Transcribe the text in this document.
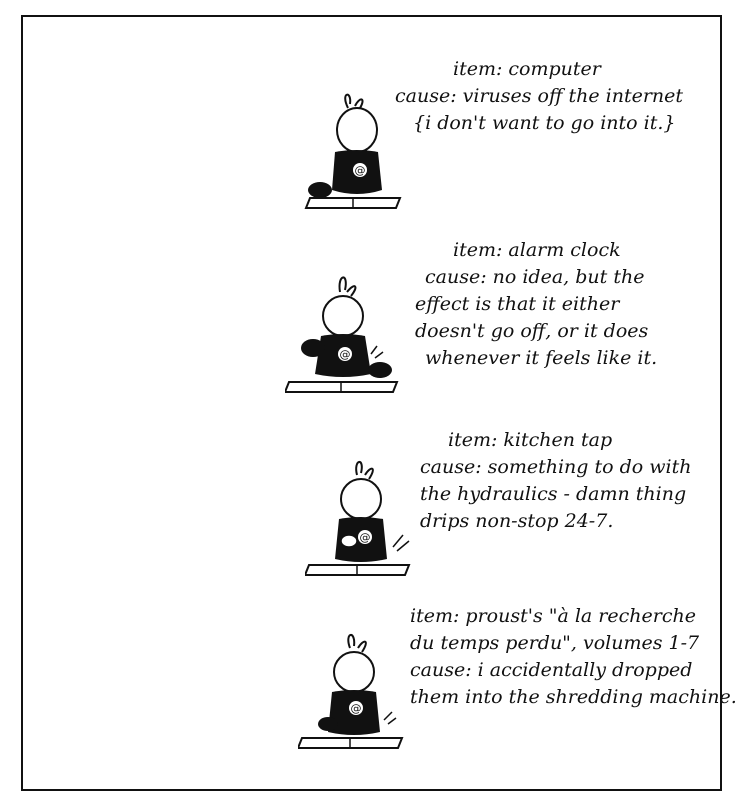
@
item: computer
cause: viruses off the internet
{i don't want to go into it.}
@
item: alarm clock
cause: no idea, but the
effect is that it either
doesn't go off, or it does
whenever it feels like it.
@
item: kitchen tap
cause: something to do with
the hydraulics - damn thing
drips non-stop 24-7.
@
item: proust's "à la recherche
du temps perdu", volumes 1-7
cause: i accidentally dropped
them into the shredding machine.
